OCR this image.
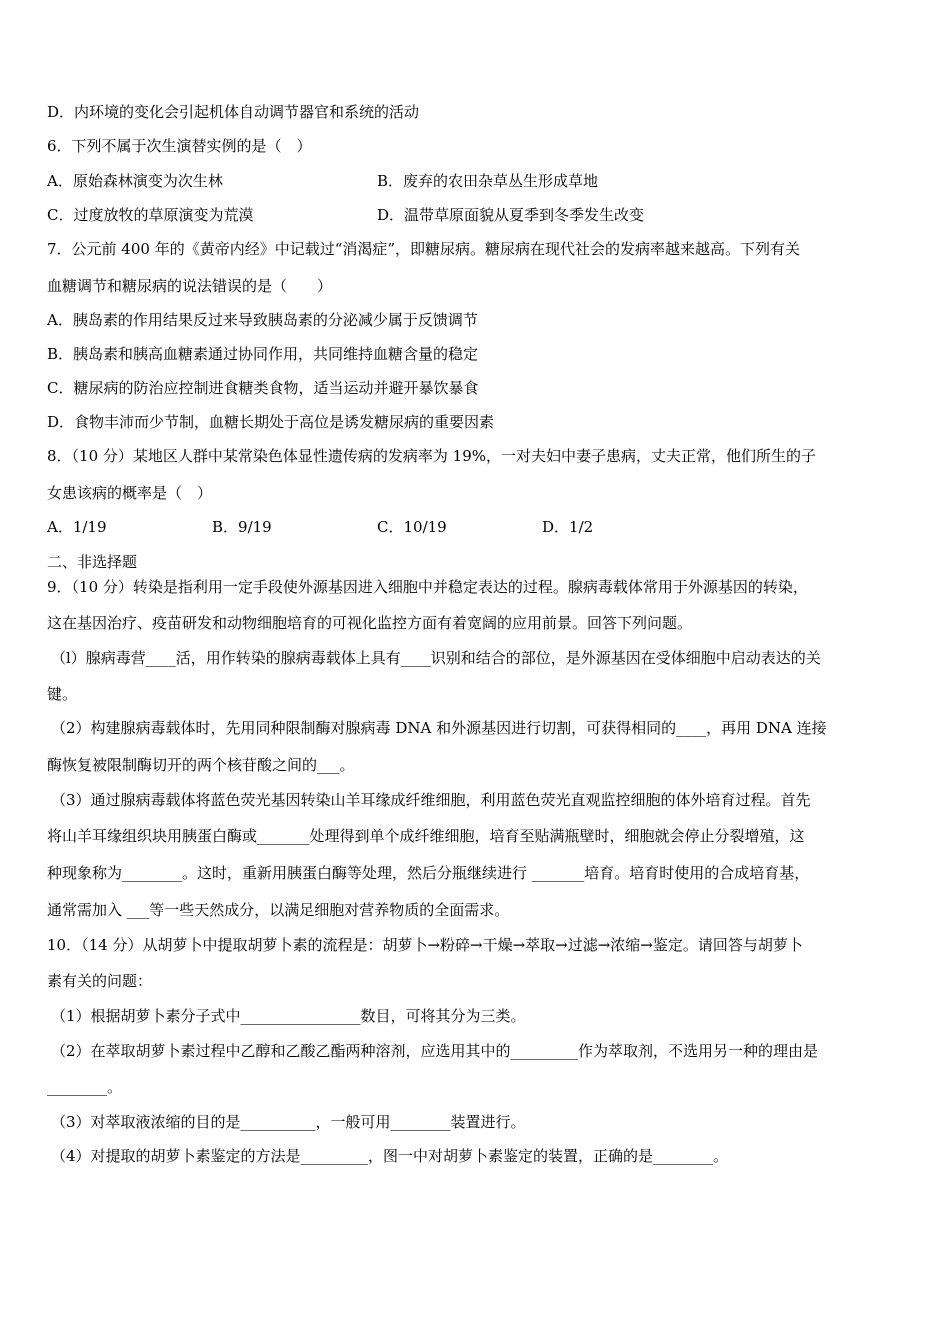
D．内环境的变化会引起机体自动调节器官和系统的活动
6．下列不属于次生演替实例的是（　）
A．原始森林演变为次生林	B．废弃的农田杂草丛生形成草地
C．过度放牧的草原演变为荒漠	D．温带草原面貌从夏季到冬季发生改变
7．公元前 400 年的《黄帝内经》中记载过“消渴症”，即糖尿病。糖尿病在现代社会的发病率越来越高。下列有关
血糖调节和糖尿病的说法错误的是（　　）
A．胰岛素的作用结果反过来导致胰岛素的分泌减少属于反馈调节
B．胰岛素和胰高血糖素通过协同作用，共同维持血糖含量的稳定
C．糖尿病的防治应控制进食糖类食物，适当运动并避开暴饮暴食
D．食物丰沛而少节制，血糖长期处于高位是诱发糖尿病的重要因素
8．（10 分）某地区人群中某常染色体显性遗传病的发病率为 19%，一对夫妇中妻子患病，丈夫正常，他们所生的子
女患该病的概率是（　）
A．1/19	B．9/19	C．10/19	D．1/2
二、非选择题
9．（10 分）转染是指利用一定手段使外源基因进入细胞中并稳定表达的过程。腺病毒载体常用于外源基因的转染，
这在基因治疗、疫苗研发和动物细胞培育的可视化监控方面有着宽阔的应用前景。回答下列问题。
（l）腺病毒营____活，用作转染的腺病毒载体上具有____识别和结合的部位，是外源基因在受体细胞中启动表达的关
键。
（2）构建腺病毒载体时，先用同种限制酶对腺病毒 DNA 和外源基因进行切割，可获得相同的____，再用 DNA 连接
酶恢复被限制酶切开的两个核苷酸之间的___。
（3）通过腺病毒载体将蓝色荧光基因转染山羊耳缘成纤维细胞，利用蓝色荧光直观监控细胞的体外培育过程。首先
将山羊耳缘组织块用胰蛋白酶或_______处理得到单个成纤维细胞，培育至贴满瓶壁时，细胞就会停止分裂增殖，这
种现象称为________。这时，重新用胰蛋白酶等处理，然后分瓶继续进行 _______培育。培育时使用的合成培育基，
通常需加入 ___等一些天然成分，以满足细胞对营养物质的全面需求。
10．（14 分）从胡萝卜中提取胡萝卜素的流程是：胡萝卜→粉碎→干燥→萃取→过滤→浓缩→鉴定。请回答与胡萝卜
素有关的问题：
（1）根据胡萝卜素分子式中________________数目，可将其分为三类。
（2）在萃取胡萝卜素过程中乙醇和乙酸乙酯两种溶剂，应选用其中的_________作为萃取剂，不选用另一种的理由是
________。
（3）对萃取液浓缩的目的是__________，一般可用________装置进行。
（4）对提取的胡萝卜素鉴定的方法是_________，图一中对胡萝卜素鉴定的装置，正确的是________。
